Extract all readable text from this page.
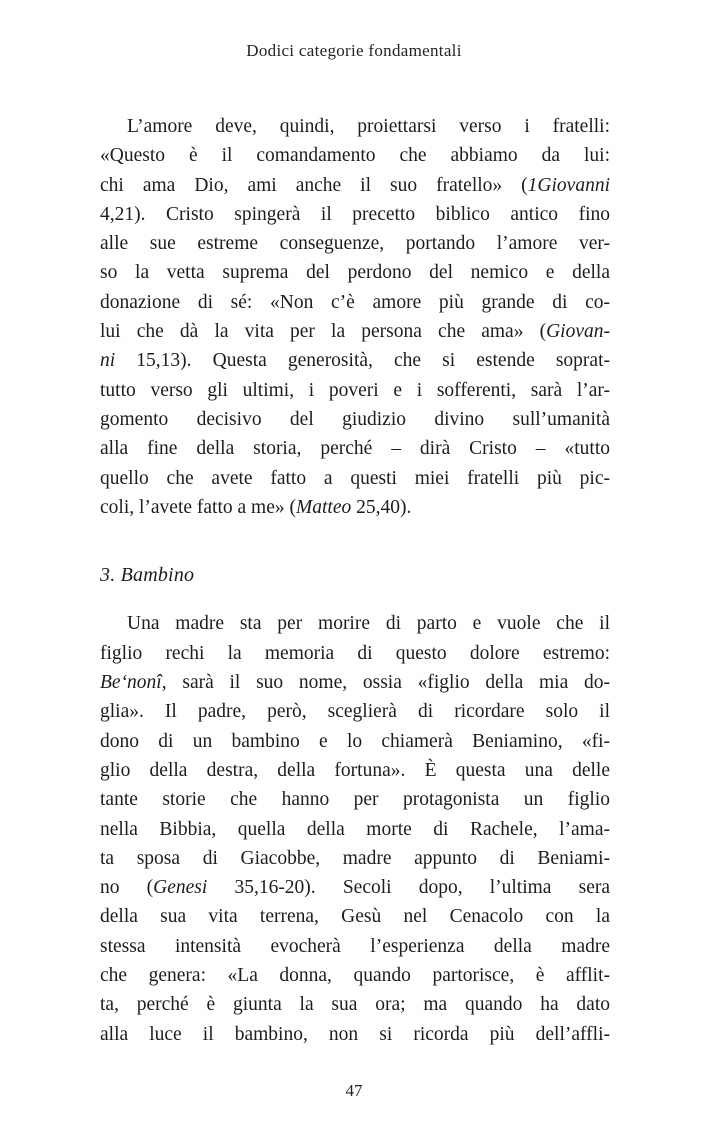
Dodici categorie fondamentali
L’amore deve, quindi, proiettarsi verso i fratelli:
«Questo è il comandamento che abbiamo da lui:
chi ama Dio, ami anche il suo fratello» (1Giovanni
4,21). Cristo spingerà il precetto biblico antico fino
alle sue estreme conseguenze, portando l’amore ver-
so la vetta suprema del perdono del nemico e della
donazione di sé: «Non c’è amore più grande di co-
lui che dà la vita per la persona che ama» (Giovan-
ni 15,13). Questa generosità, che si estende soprat-
tutto verso gli ultimi, i poveri e i sofferenti, sarà l’ar-
gomento decisivo del giudizio divino sull’umanità
alla fine della storia, perché – dirà Cristo – «tutto
quello che avete fatto a questi miei fratelli più pic-
coli, l’avete fatto a me» (Matteo 25,40).
3. Bambino
Una madre sta per morire di parto e vuole che il
figlio rechi la memoria di questo dolore estremo:
Beʻnonî, sarà il suo nome, ossia «figlio della mia do-
glia». Il padre, però, sceglierà di ricordare solo il
dono di un bambino e lo chiamerà Beniamino, «fi-
glio della destra, della fortuna». È questa una delle
tante storie che hanno per protagonista un figlio
nella Bibbia, quella della morte di Rachele, l’ama-
ta sposa di Giacobbe, madre appunto di Beniami-
no (Genesi 35,16-20). Secoli dopo, l’ultima sera
della sua vita terrena, Gesù nel Cenacolo con la
stessa intensità evocherà l’esperienza della madre
che genera: «La donna, quando partorisce, è afflit-
ta, perché è giunta la sua ora; ma quando ha dato
alla luce il bambino, non si ricorda più dell’affli-
47
